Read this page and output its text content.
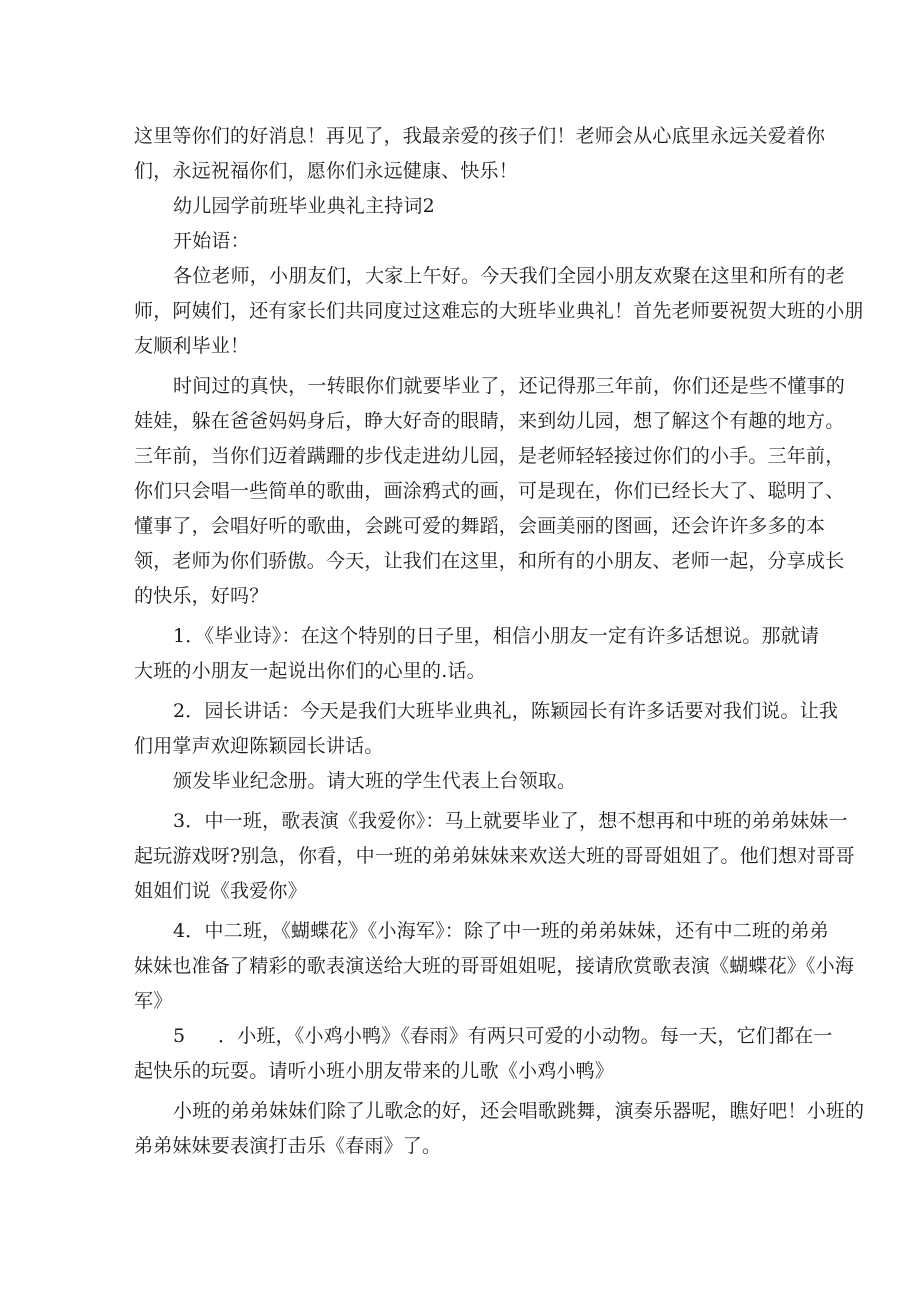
这里等你们的好消息！再见了，我最亲爱的孩子们！老师会从心底里永远关爱着你
们，永远祝福你们，愿你们永远健康、快乐！
幼儿园学前班毕业典礼主持词2
开始语：
各位老师，小朋友们，大家上午好。今天我们全园小朋友欢聚在这里和所有的老
师，阿姨们，还有家长们共同度过这难忘的大班毕业典礼！首先老师要祝贺大班的小朋
友顺利毕业！
时间过的真快，一转眼你们就要毕业了，还记得那三年前，你们还是些不懂事的
娃娃，躲在爸爸妈妈身后，睁大好奇的眼睛，来到幼儿园，想了解这个有趣的地方。
三年前，当你们迈着蹒跚的步伐走进幼儿园，是老师轻轻接过你们的小手。三年前，
你们只会唱一些简单的歌曲，画涂鸦式的画，可是现在，你们已经长大了、聪明了、
懂事了，会唱好听的歌曲，会跳可爱的舞蹈，会画美丽的图画，还会许许多多的本
领，老师为你们骄傲。今天，让我们在这里，和所有的小朋友、老师一起，分享成长
的快乐，好吗？
1．《毕业诗》：在这个特别的日子里，相信小朋友一定有许多话想说。那就请
大班的小朋友一起说出你们的心里的.话。
2．园长讲话：今天是我们大班毕业典礼，陈颖园长有许多话要对我们说。让我
们用掌声欢迎陈颖园长讲话。
颁发毕业纪念册。请大班的学生代表上台领取。
3．中一班，歌表演《我爱你》：马上就要毕业了，想不想再和中班的弟弟妹妹一
起玩游戏呀?别急，你看，中一班的弟弟妹妹来欢送大班的哥哥姐姐了。他们想对哥哥
姐姐们说《我爱你》
4．中二班，《蝴蝶花》《小海军》：除了中一班的弟弟妹妹，还有中二班的弟弟
妹妹也准备了精彩的歌表演送给大班的哥哥姐姐呢，接请欣赏歌表演《蝴蝶花》《小海
军》
5 ．小班，《小鸡小鸭》《春雨》有两只可爱的小动物。每一天，它们都在一
起快乐的玩耍。请听小班小朋友带来的儿歌《小鸡小鸭》
小班的弟弟妹妹们除了儿歌念的好，还会唱歌跳舞，演奏乐器呢，瞧好吧！小班的
弟弟妹妹要表演打击乐《春雨》了。
